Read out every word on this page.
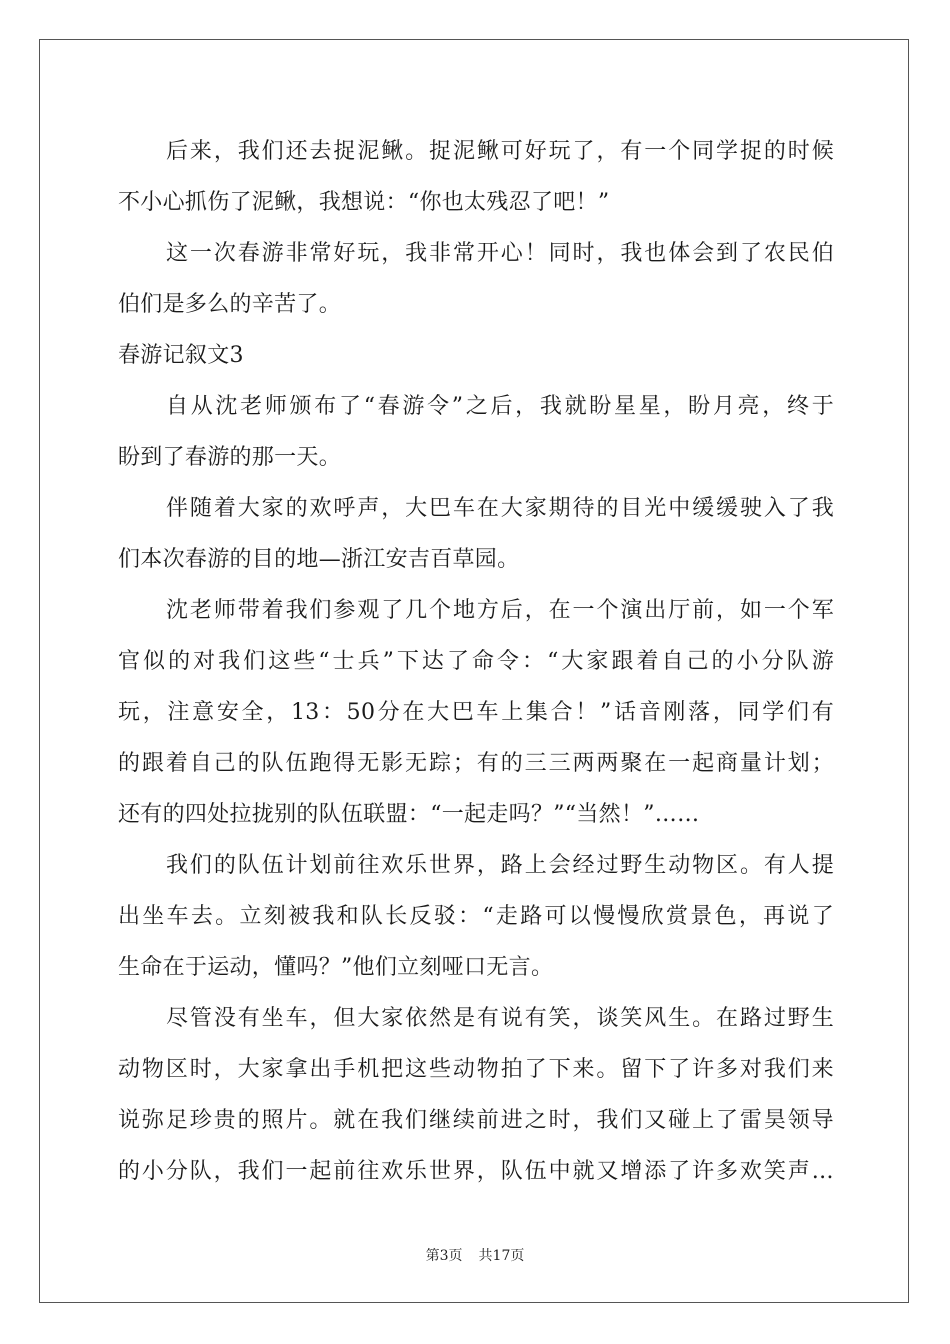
后来，我们还去捉泥鳅。捉泥鳅可好玩了，有一个同学捉的时候
不小心抓伤了泥鳅，我想说：“你也太残忍了吧！”
这一次春游非常好玩，我非常开心！同时，我也体会到了农民伯
伯们是多么的辛苦了。
春游记叙文3
自从沈老师颁布了“春游令”之后，我就盼星星，盼月亮，终于
盼到了春游的那一天。
伴随着大家的欢呼声，大巴车在大家期待的目光中缓缓驶入了我
们本次春游的目的地—浙江安吉百草园。
沈老师带着我们参观了几个地方后，在一个演出厅前，如一个军
官似的对我们这些“士兵”下达了命令：“大家跟着自己的小分队游
玩，注意安全，13：50分在大巴车上集合！”话音刚落，同学们有
的跟着自己的队伍跑得无影无踪；有的三三两两聚在一起商量计划；
还有的四处拉拢别的队伍联盟：“一起走吗？”“当然！”……
我们的队伍计划前往欢乐世界，路上会经过野生动物区。有人提
出坐车去。立刻被我和队长反驳：“走路可以慢慢欣赏景色，再说了
生命在于运动，懂吗？”他们立刻哑口无言。
尽管没有坐车，但大家依然是有说有笑，谈笑风生。在路过野生
动物区时，大家拿出手机把这些动物拍了下来。留下了许多对我们来
说弥足珍贵的照片。就在我们继续前进之时，我们又碰上了雷昊领导
的小分队，我们一起前往欢乐世界，队伍中就又增添了许多欢笑声…
第3页 共17页
